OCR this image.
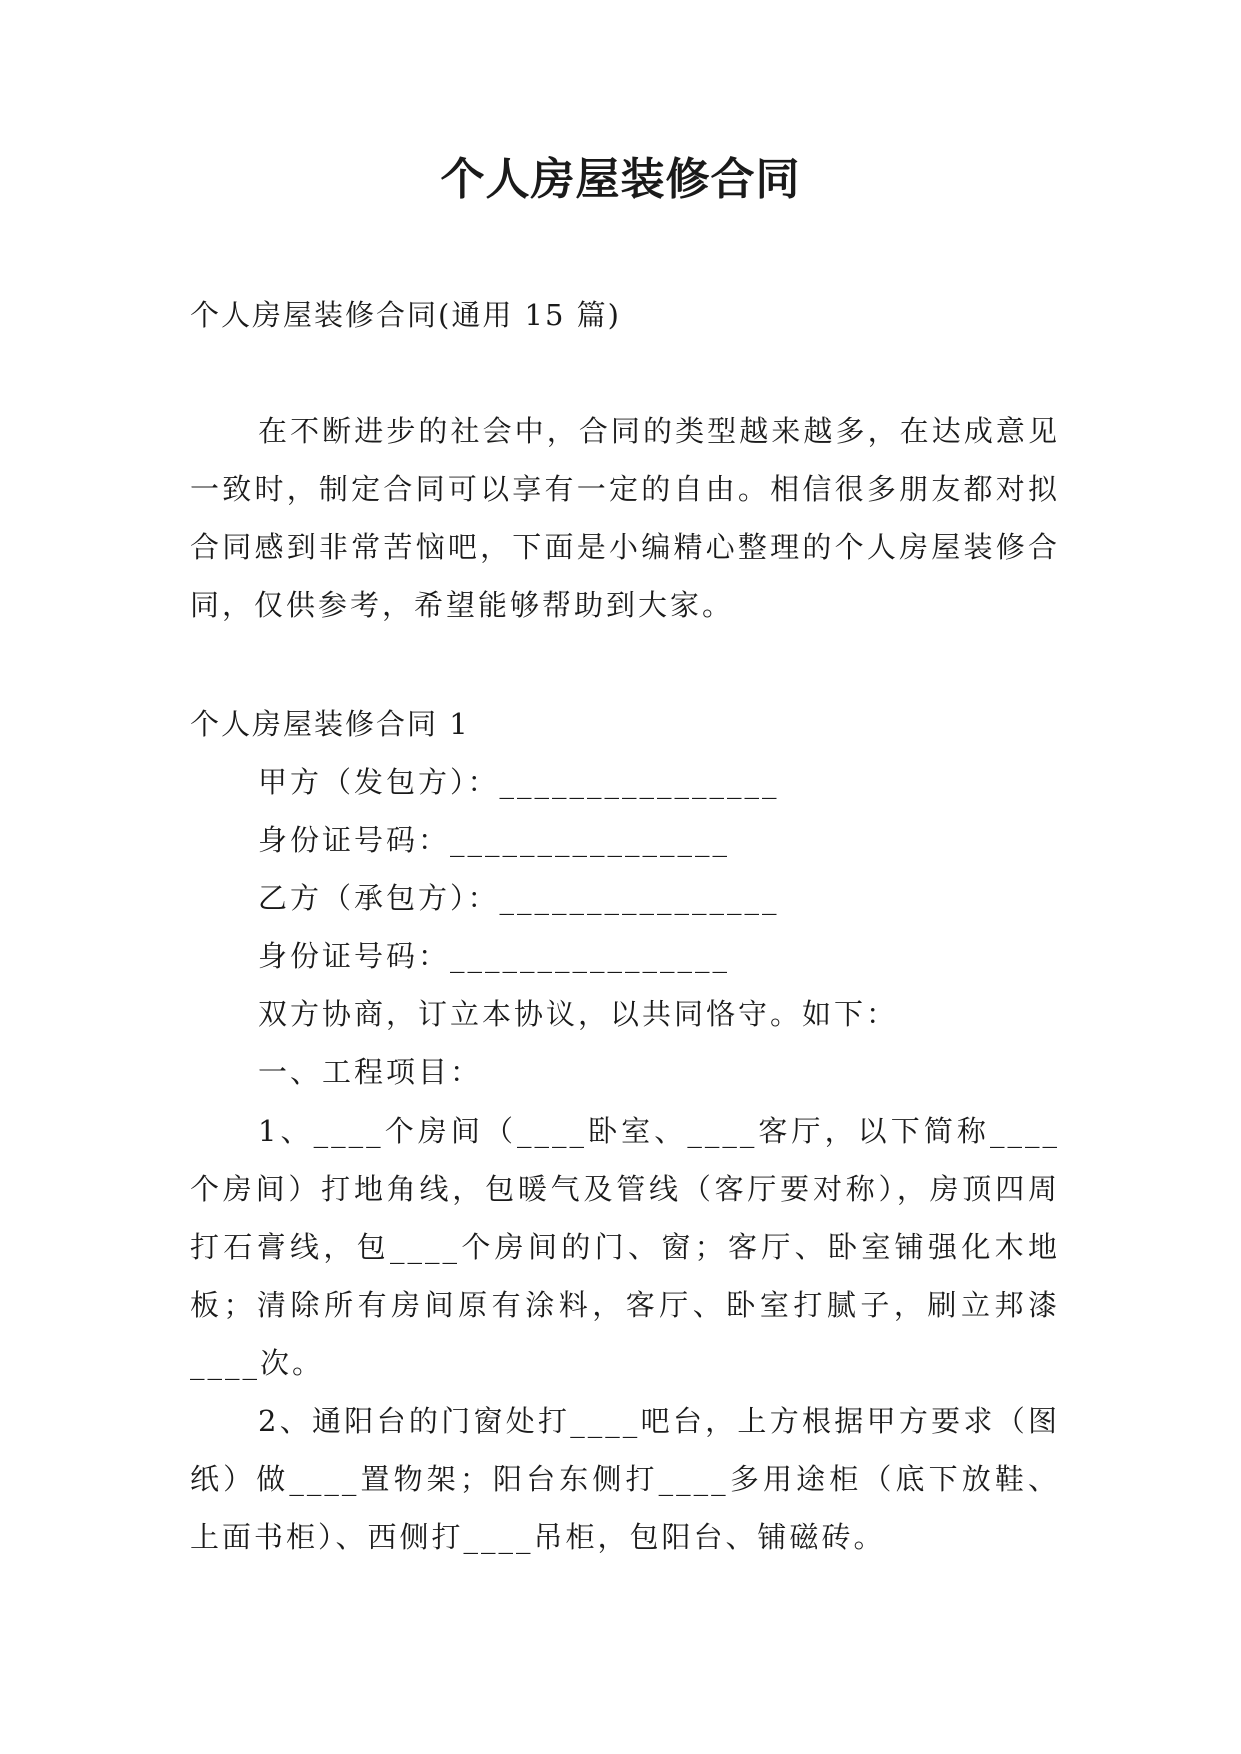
个人房屋装修合同
个人房屋装修合同(通用 15 篇)
在不断进步的社会中，合同的类型越来越多，在达成意见一致时，制定合同可以享有一定的自由。相信很多朋友都对拟合同感到非常苦恼吧，下面是小编精心整理的个人房屋装修合同，仅供参考，希望能够帮助到大家。
个人房屋装修合同 1
甲方（发包方）：________________
身份证号码：________________
乙方（承包方）：________________
身份证号码：________________
双方协商，订立本协议，以共同恪守。如下：
一、工程项目：
1、____个房间（____卧室、____客厅，以下简称____个房间）打地角线，包暖气及管线（客厅要对称），房顶四周打石膏线，包____个房间的门、窗；客厅、卧室铺强化木地板；清除所有房间原有涂料，客厅、卧室打腻子，刷立邦漆____次。
2、通阳台的门窗处打____吧台，上方根据甲方要求（图纸）做____置物架；阳台东侧打____多用途柜（底下放鞋、上面书柜）、西侧打____吊柜，包阳台、铺磁砖。
